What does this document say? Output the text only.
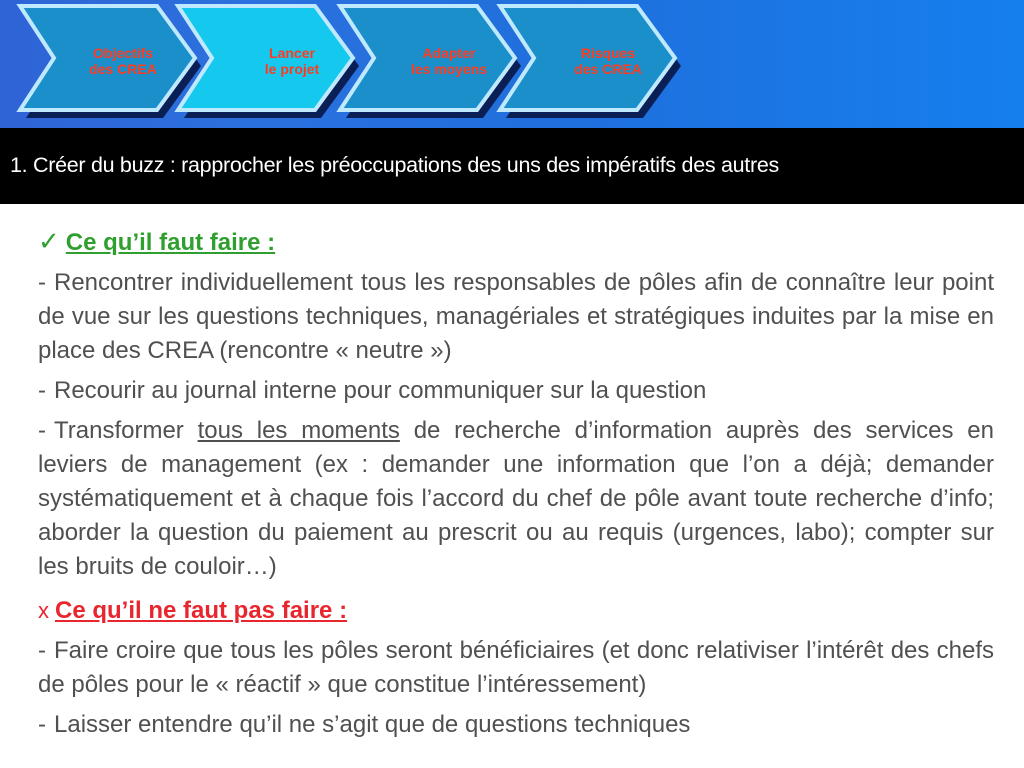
Objectifs
des CREA
Lancer
le projet
Adapter
les moyens
Risques
des CREA
1. Créer du buzz : rapprocher les préoccupations des uns des impératifs des autres
✓ Ce qu’il faut faire :

- Rencontrer individuellement tous les responsables de pôles afin de connaître leur point de vue sur les questions techniques, managériales et stratégiques induites par la mise en place des CREA (rencontre « neutre »)

- Recourir au journal interne pour communiquer sur la question

- Transformer tous les moments de recherche d’information auprès des services en leviers de management (ex : demander une information que l’on a déjà; demander systématiquement et à chaque fois l’accord du chef de pôle avant toute recherche d’info; aborder la question du paiement au prescrit ou au requis (urgences, labo); compter sur les bruits de couloir…)

x Ce qu’il ne faut pas faire :

- Faire croire que tous les pôles seront bénéficiaires (et donc relativiser l’intérêt des chefs de pôles pour le « réactif » que constitue l’intéressement)

- Laisser entendre qu’il ne s’agit que de questions techniques
